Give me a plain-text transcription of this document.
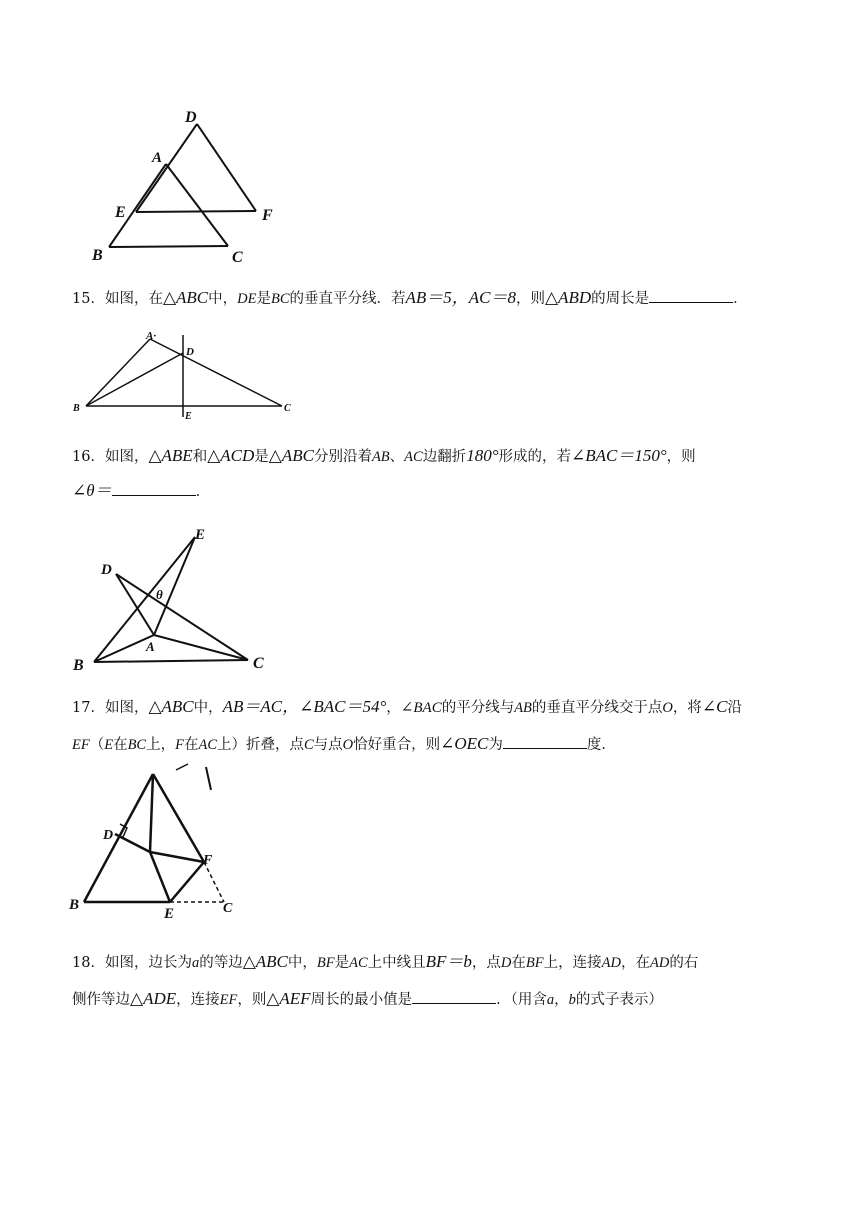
D
A
E	F
B	C
15．如图，在△ABC中，DE是BC的垂直平分线．若AB＝5，AC＝8，则△ABD的周长是	．
A·
D
B
E
C
16．如图，△ABE和△ACD是△ABC分别沿着AB、AC边翻折180°形成的，若∠BAC＝150°，则
∠θ＝	．
E
D
θ
A
B	C
17．如图，△ABC中，AB＝AC，∠BAC＝54°，∠BAC的平分线与AB的垂直平分线交于点O，将∠C沿
EF（E在BC上，F在AC上）折叠，点C与点O恰好重合，则∠OEC为	度．
D
F
B
E	C
18．如图，边长为a的等边△ABC中，BF是AC上中线且BF＝b，点D在BF上，连接AD，在AD的右
侧作等边△ADE，连接EF，则△AEF周长的最小值是	．（用含a，b的式子表示）
